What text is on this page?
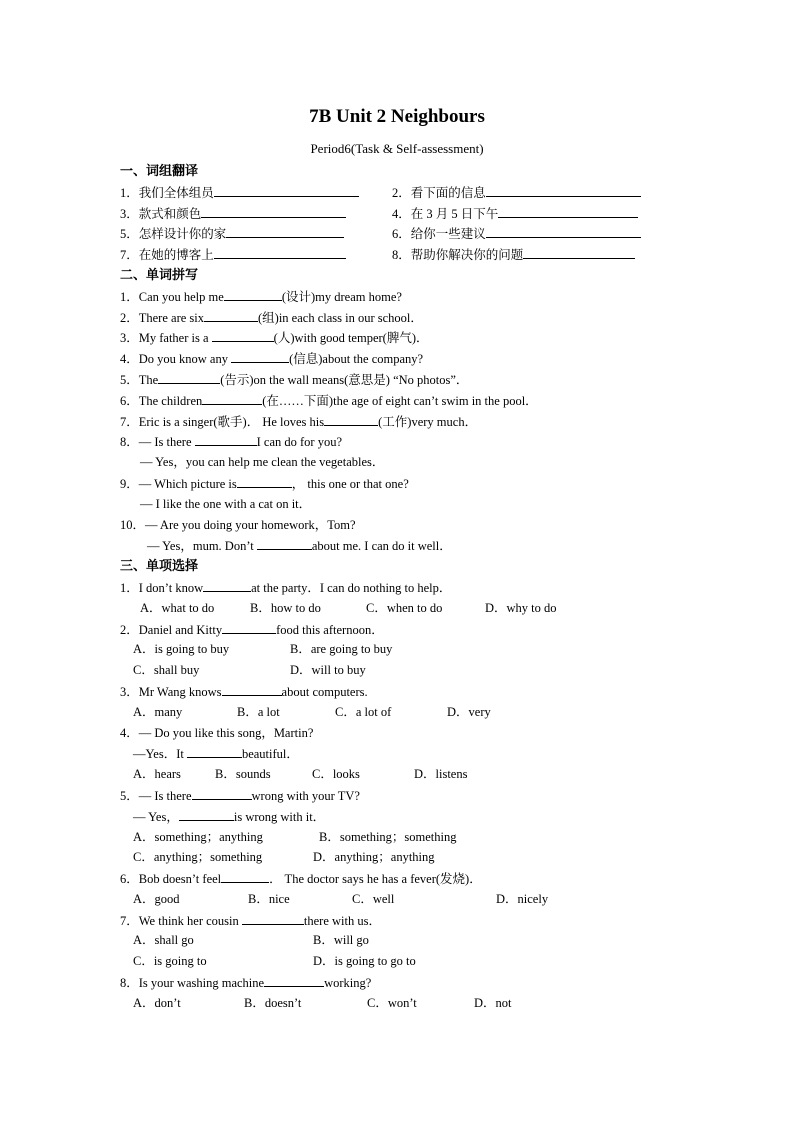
7B Unit 2 Neighbours
Period6(Task & Self-assessment)
一、词组翻译
1．我们全体组员	2．看下面的信息
3．款式和颜色	4．在 3 月 5 日下午
5．怎样设计你的家	6．给你一些建议
7．在她的博客上	8．帮助你解决你的问题
二、单词拼写
1．Can you help me	(设计)my dream home?
2．There are six	(组)in each class in our school．
3．My father is a	(人)with good temper(脾气)．
4．Do you know any	(信息)about the company?
5．The	(告示)on the wall means(意思是) “No photos”．
6．The children	(在……下面)the age of eight can’t swim in the pool．
7．Eric is a singer(歌手)． He loves his	(工作)very much．
8．— Is there	I can do for you?
— Yes，you can help me clean the vegetables．
9．— Which picture is	， this one or that one?
— I like the one with a cat on it．
10．— Are you doing your homework，Tom?
— Yes，mum. Don’t	about me. I can do it well．
三、单项选择
1．I don’t know	at the party．I can do nothing to help．
A．what to do	B．how to do	C．when to do	D．why to do
2．Daniel and Kitty	food this afternoon．
A．is going to buy	B．are going to buy
C．shall buy	D．will to buy
3．Mr Wang knows	about computers.
A．many	B．a lot	C．a lot of	D．very
4．— Do you like this song，Martin?
—Yes．It	beautiful．
A．hears	B．sounds	C．looks	D．listens
5．— Is there	wrong with your TV?
— Yes，	is wrong with it．
A．something；anything	B．something；something
C．anything；something	D．anything；anything
6．Bob doesn’t feel	． The doctor says he has a fever(发烧)．
A．good	B．nice	C．well	D．nicely
7．We think her cousin	there with us．
A．shall go	B．will go
C．is going to	D．is going to go to
8．Is your washing machine	working?
A．don’t	B．doesn’t	C．won’t	D．not
